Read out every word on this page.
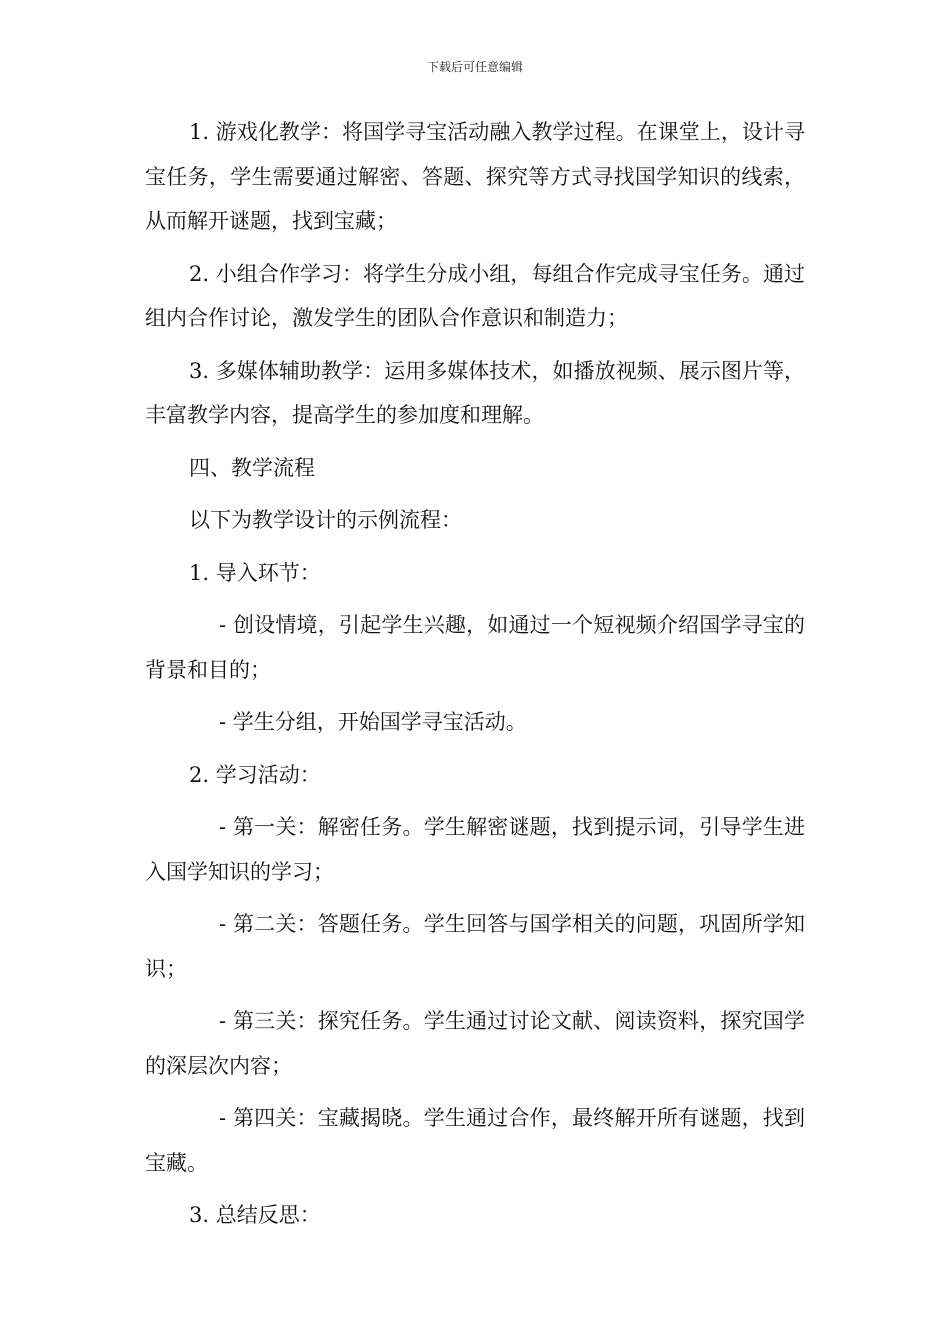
下载后可任意编辑

1. 游戏化教学：将国学寻宝活动融入教学过程。在课堂上，设计寻宝任务，学生需要通过解密、答题、探究等方式寻找国学知识的线索，从而解开谜题，找到宝藏；

2. 小组合作学习：将学生分成小组，每组合作完成寻宝任务。通过组内合作讨论，激发学生的团队合作意识和制造力；

3. 多媒体辅助教学：运用多媒体技术，如播放视频、展示图片等，丰富教学内容，提高学生的参加度和理解。

四、教学流程

以下为教学设计的示例流程：

1. 导入环节：

- 创设情境，引起学生兴趣，如通过一个短视频介绍国学寻宝的背景和目的；

- 学生分组，开始国学寻宝活动。

2. 学习活动：

- 第一关：解密任务。学生解密谜题，找到提示词，引导学生进入国学知识的学习；

- 第二关：答题任务。学生回答与国学相关的问题，巩固所学知识；

- 第三关：探究任务。学生通过讨论文献、阅读资料，探究国学的深层次内容；

- 第四关：宝藏揭晓。学生通过合作，最终解开所有谜题，找到宝藏。

3. 总结反思：
